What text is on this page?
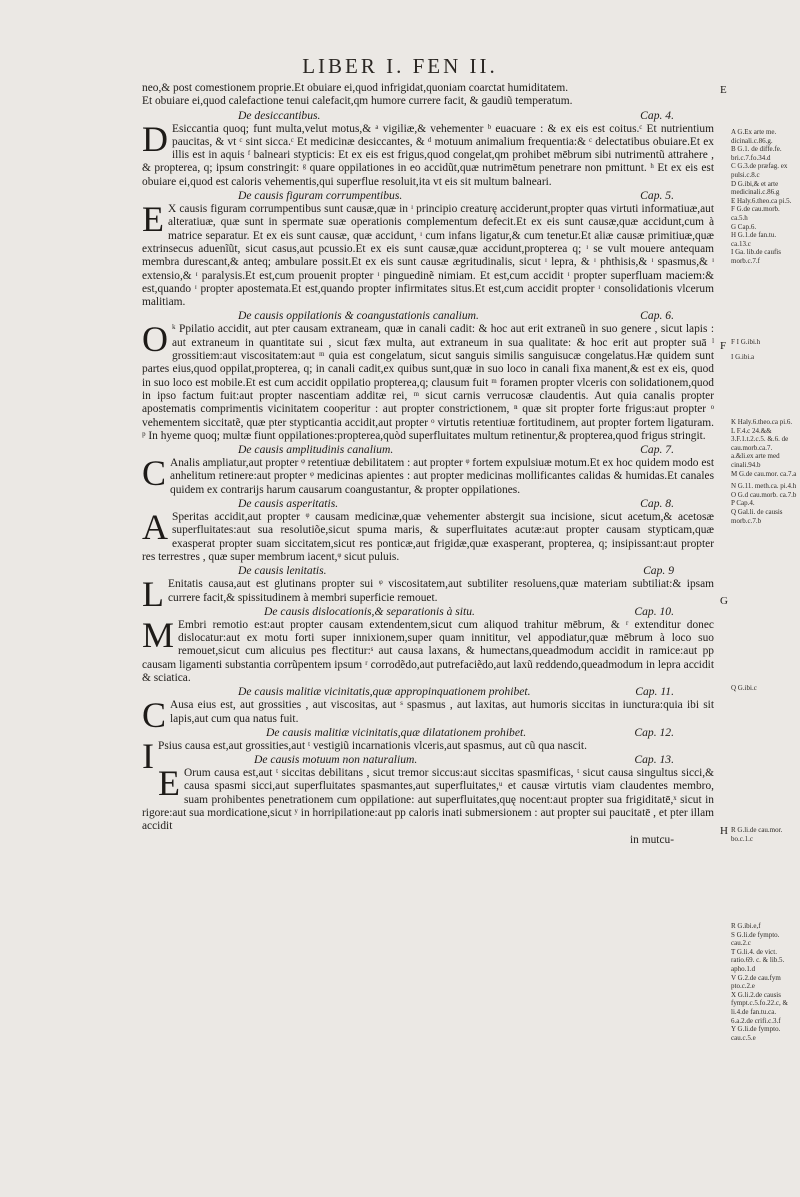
LIBER I. FEN II.

neo,& post comestionem proprie.Et obuiare ei,quod infrigidat,quoniam coarctat humiditatem.

Et obuiare ei,quod calefactione tenui calefacit,qm humore currere facit, & gaudiũ temperatum.

De desiccantibus.	Cap. 4.

D Esiccantia quoq; funt multa,velut motus,& ᵃ vigiliæ,& vehementer ᵇ euacuare : & ex eis est coitus.ᶜ Et nutrientium paucitas, & vt ᶜ sint sicca.ᶜ Et medicinæ desiccantes, & ᵈ motuum animalium frequentia:& ᶜ delectatibus obuiare.Et ex illis est in aquis ᶠ balneari stypticis: Et ex eis est frigus,quod congelat,qm prohibet mēbrum sibi nutrimentũ attrahere , & propterea, q; ipsum constringit: ᵍ quare oppilationes in eo accidũt,quæ nutrimētum penetrare non pmittunt. ʰ Et ex eis est obuiare ei,quod est caloris vehementis,qui superflue resoluit,ita vt eis sit multum balneari.

De causis figuram corrumpentibus.	Cap. 5.

E X causis figuram corrumpentibus sunt causæ,quæ in ᶦ principio creaturę acciderunt,propter quas virtuti informatiuæ,aut alteratiuæ, quæ sunt in spermate suæ operationis complementum defecit.Et ex eis sunt causæ,quæ accidunt,cum à matrice separatur. Et ex eis sunt causæ, quæ accidunt, ᶦ cum infans ligatur,& cum tenetur.Et aliæ causæ primitiuæ,quæ extrinsecus aduenĩũt, sicut casus,aut pcussio.Et ex eis sunt causæ,quæ accidunt,propterea q; ᶦ se vult mouere antequam membra durescant,& anteq; ambulare possit.Et ex eis sunt causæ ægritudinalis, sicut ᶦ lepra, & ᶦ phthisis,& ᶦ spasmus,& ᶦ extensio,& ᶦ paralysis.Et est,cum prouenit propter ᶦ pinguedinẽ nimiam. Et est,cum accidit ᶦ propter superfluam maciem:& est,quando ᶦ propter apostemata.Et est,quando propter infirmitates situs.Et est,cum accidit propter ᶦ consolidationis vlcerum malitiam.

De causis oppilationis & coangustationis canalium.	Cap. 6.

O ᵏ Ppilatio accidit, aut pter causam extraneam, quæ in canali cadit: & hoc aut erit extraneũ in suo genere , sicut lapis : aut extraneum in quantitate sui , sicut fæx multa, aut extraneum in sua qualitate: & hoc erit aut propter suā ˡ grossitiem:aut viscositatem:aut ᵐ quia est congelatum, sicut sanguis similis sanguisucæ congelatus.Hæ quidem sunt partes eius,quod oppilat,propterea, q; in canali cadit,ex quibus sunt,quæ in suo loco in canali fixa manent,& est ex eis, quod in suo loco est mobile.Et est cum accidit oppilatio propterea,q; clausum fuit ᵐ foramen propter vlceris con solidationem,quod in ipso factum fuit:aut propter nascentiam additæ rei, ᵐ sicut carnis verrucosæ claudentis. Aut quia canalis propter apostematis comprimentis vicinitatem cooperitur : aut propter constrictionem, ⁿ quæ sit propter forte frigus:aut propter ᵒ vehementem siccitatẽ, quæ pter stypticantia accidit,aut propter ᵒ virtutis retentiuæ fortitudinem, aut propter fortem ligaturam. ᵖ In hyeme quoq; multæ fiunt oppilationes:propterea,quòd superfluitates multum retinentur,& propterea,quod frigus stringit.

De causis amplitudinis canalium.	Cap. 7.

C Analis ampliatur,aut propter ᵠ retentiuæ debilitatem : aut propter ᵠ fortem expulsiuæ motum.Et ex hoc quidem modo est anhelitum retinere:aut propter ᵠ medicinas apientes : aut propter medicinas mollificantes calidas & humidas.Et canales quidem ex contrarijs harum causarum coangustantur, & propter oppilationes.

De causis asperitatis.	Cap. 8.

A Speritas accidit,aut propter ᵠ causam medicinæ,quæ vehementer abstergit sua incisione, sicut acetum,& acetosæ superfluitates:aut sua resolutiõe,sicut spuma maris, & superfluitates acutæ:aut propter causam stypticam,quæ exasperat propter suam siccitatem,sicut res ponticæ,aut frigidæ,quæ exasperant, propterea, q; insipissant:aut propter res terrestres , quæ super membrum iacent,ᵠ sicut puluis.

De causis lenitatis.	Cap. 9

L Enitatis causa,aut est glutinans propter sui ᵠ viscositatem,aut subtiliter resoluens,quæ materiam subtiliat:& ipsam currere facit,& spissitudinem à membri superficie remouet.

De causis dislocationis,& separationis à situ.	Cap. 10.

M Embri remotio est:aut propter causam extendentem,sicut cum aliquod trahitur mēbrum, & ʳ extenditur donec dislocatur:aut ex motu forti super innixionem,super quam innititur, vel appodiatur,quæ mēbrum à loco suo remouet,sicut cum alicuius pes flectitur:ˢ aut causa laxans, & humectans,queadmodum accidit in ramice:aut pp causam ligamenti substantia corrũpentem ipsum ʳ corrodẽdo,aut putrefaciẽdo,aut laxũ reddendo,queadmodum in lepra accidit & sciatica.

De causis malitiæ vicinitatis,quæ appropinquationem prohibet.	Cap. 11.

C Ausa eius est, aut grossities , aut viscositas, aut ˢ spasmus , aut laxitas, aut humoris siccitas in iunctura:quia ibi sit lapis,aut cum qua natus fuit.

De causis malitiæ vicinitatis,quæ dilatationem prohibet.	Cap. 12.

I Psius causa est,aut grossities,aut ᵗ vestigiũ incarnationis vlceris,aut spasmus, aut cũ qua nascit.

De causis motuum non naturalium.	Cap. 13.

E Orum causa est,aut ᵗ siccitas debilitans , sicut tremor siccus:aut siccitas spasmificas, ᵗ sicut causa singultus sicci,& causa spasmi sicci,aut superfluitates spasmantes,aut superfluitates,ᵘ et causæ virtutis viam claudentes membro, suam prohibentes penetrationem cum oppilatione: aut superfluitates,quę nocent:aut propter sua frigiditatē,ˣ sicut in rigore:aut sua mordicatione,sicut ʸ in horripilatione:aut pp caloris inati submersionem : aut propter sui paucitatē , et pter illam accidit

in mutcu-

E
F
G
H
A G.Ex arte me. dicinali.c.86.g.
B G.1. de diffe.fe. bri.c.7.fo.34.d
C G.3.de præfag. ex pulsi.c.8.c
D G.ibi,& et arte medicinali.c.86.g
E Haly.6.theo.ca pi.5.
F G.de cau.morb. ca.5.h
G Cap.6.
H G.1.de fan.tu. ca.13.c
I Ga. lib.de caufis morb.c.7.f
F I G.ibi.h
I G.ibi.a
K Haly.6.theo.ca pi.6.
L F.4.c 24.&& 3.F.1.t.2.c.5. &.6. de cau.morb.ca.7.
a.&li.ex arte med cinali.94.b
M G.de cau.mor. ca.7.a
N G.11. meth.ca. pi.4.h
O G.d cau.morb. ca.7.b
P Cap.4.
Q Gal.li. de causis morb.c.7.b
Q G.ibi.c
R G.li.de cau.mor. bo.c.1.c
R G.ibi.e,f
S G.li.de fympto. cau.2.c
T G.li.4. de vict. ratio.69. c. & lib.5. apho.1.d
V G.2.de cau.fym pto.c.2.e
X G.li.2.de causis fympt.c.5.fo.22.c, & li.4.de fan.tu.ca. 6.a.2.de crifi.c.3.f
Y G.li.de fympto. cau.c.5.e
